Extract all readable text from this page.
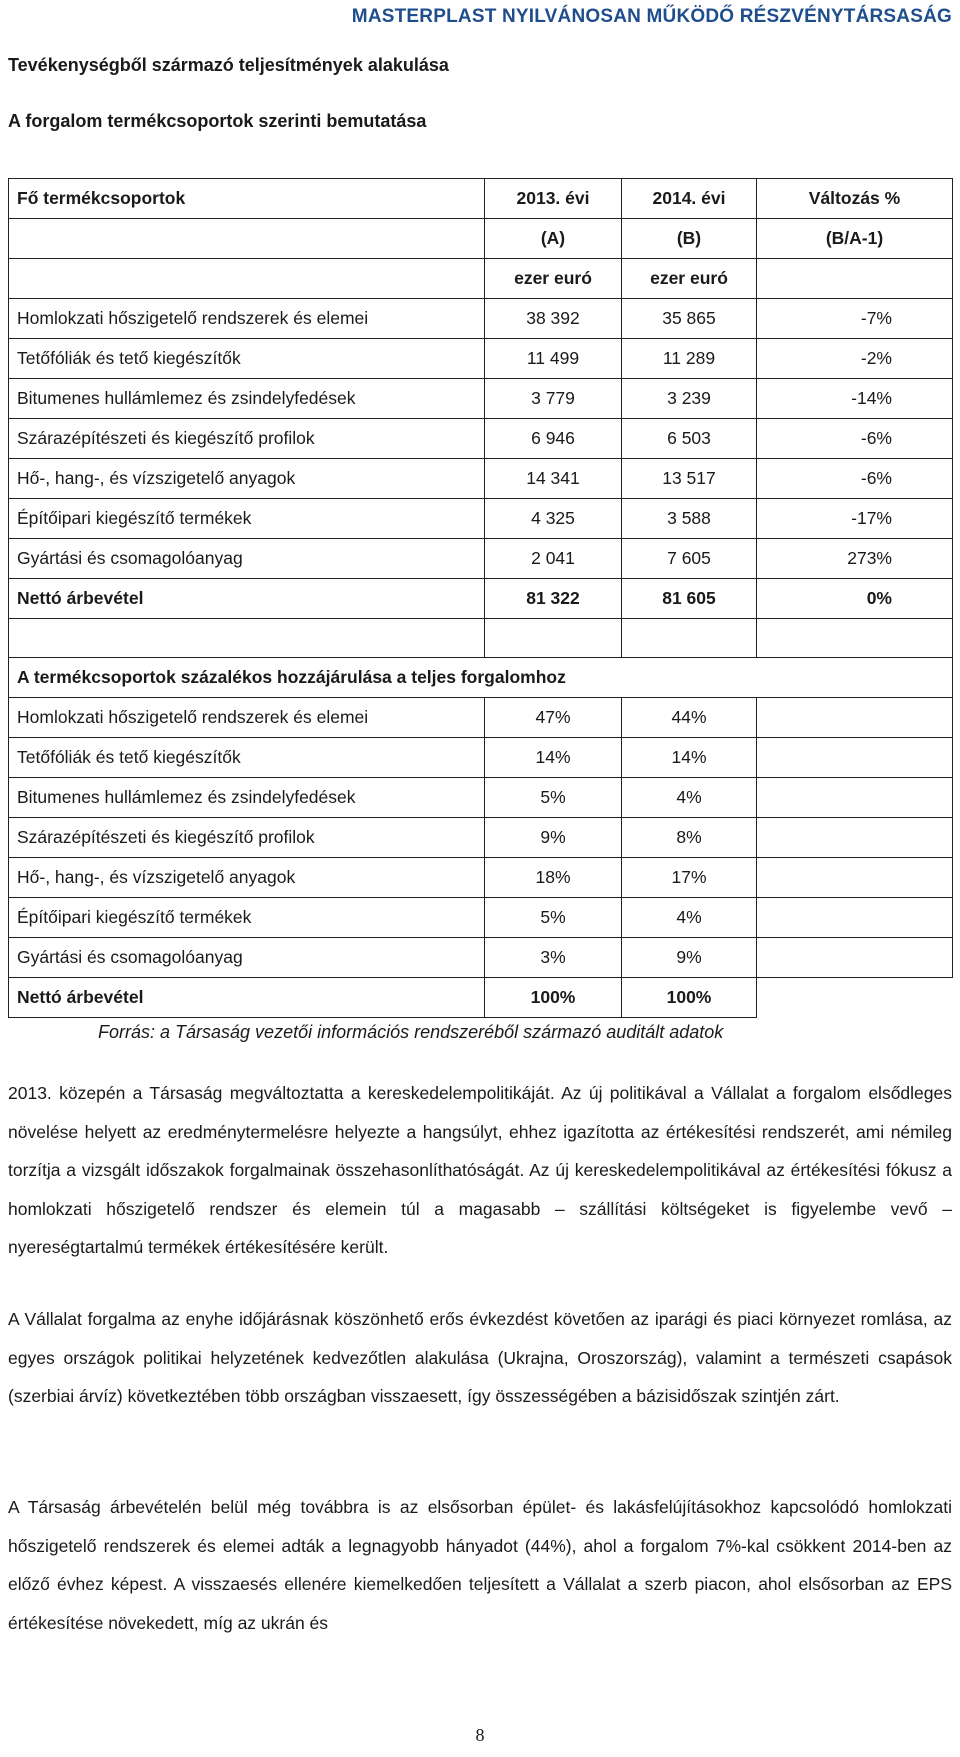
MASTERPLAST NYILVÁNOSAN MŰKÖDŐ RÉSZVÉNYTÁRSASÁG
Tevékenységből származó teljesítmények alakulása
A forgalom termékcsoportok szerinti bemutatása
Fő termékcsoportok	2013. évi	2014. évi	Változás %
	(A)	(B)	(B/A-1)
	ezer euró	ezer euró	
Homlokzati hőszigetelő rendszerek és elemei	38 392	35 865	-7%
Tetőfóliák és tető kiegészítők	11 499	11 289	-2%
Bitumenes hullámlemez és zsindelyfedések	3 779	3 239	-14%
Szárazépítészeti és kiegészítő profilok	6 946	6 503	-6%
Hő-, hang-, és vízszigetelő anyagok	14 341	13 517	-6%
Építőipari kiegészítő termékek	4 325	3 588	-17%
Gyártási és csomagolóanyag	2 041	7 605	273%
Nettó árbevétel	81 322	81 605	0%

A termékcsoportok százalékos hozzájárulása a teljes forgalomhoz			
Homlokzati hőszigetelő rendszerek és elemei	47%	44%	
Tetőfóliák és tető kiegészítők	14%	14%	
Bitumenes hullámlemez és zsindelyfedések	5%	4%	
Szárazépítészeti és kiegészítő profilok	9%	8%	
Hő-, hang-, és vízszigetelő anyagok	18%	17%	
Építőipari kiegészítő termékek	5%	4%	
Gyártási és csomagolóanyag	3%	9%	
Nettó árbevétel	100%	100%	
Forrás: a Társaság vezetői információs rendszeréből származó auditált adatok
2013. közepén a Társaság megváltoztatta a kereskedelempolitikáját. Az új politikával a Vállalat a forgalom elsődleges növelése helyett az eredménytermelésre helyezte a hangsúlyt, ehhez igazította az értékesítési rendszerét, ami némileg torzítja a vizsgált időszakok forgalmainak összehasonlíthatóságát. Az új kereskedelempolitikával az értékesítési fókusz a homlokzati hőszigetelő rendszer és elemein túl a magasabb – szállítási költségeket is figyelembe vevő – nyereségtartalmú termékek értékesítésére került.
A Vállalat forgalma az enyhe időjárásnak köszönhető erős évkezdést követően az iparági és piaci környezet romlása, az egyes országok politikai helyzetének kedvezőtlen alakulása (Ukrajna, Oroszország), valamint a természeti csapások (szerbiai árvíz) következtében több országban visszaesett, így összességében a bázisidőszak szintjén zárt.
A Társaság árbevételén belül még továbbra is az elsősorban épület- és lakásfelújításokhoz kapcsolódó homlokzati hőszigetelő rendszerek és elemei adták a legnagyobb hányadot (44%), ahol a forgalom 7%-kal csökkent 2014-ben az előző évhez képest. A visszaesés ellenére kiemelkedően teljesített a Vállalat a szerb piacon, ahol elsősorban az EPS értékesítése növekedett, míg az ukrán és
8
